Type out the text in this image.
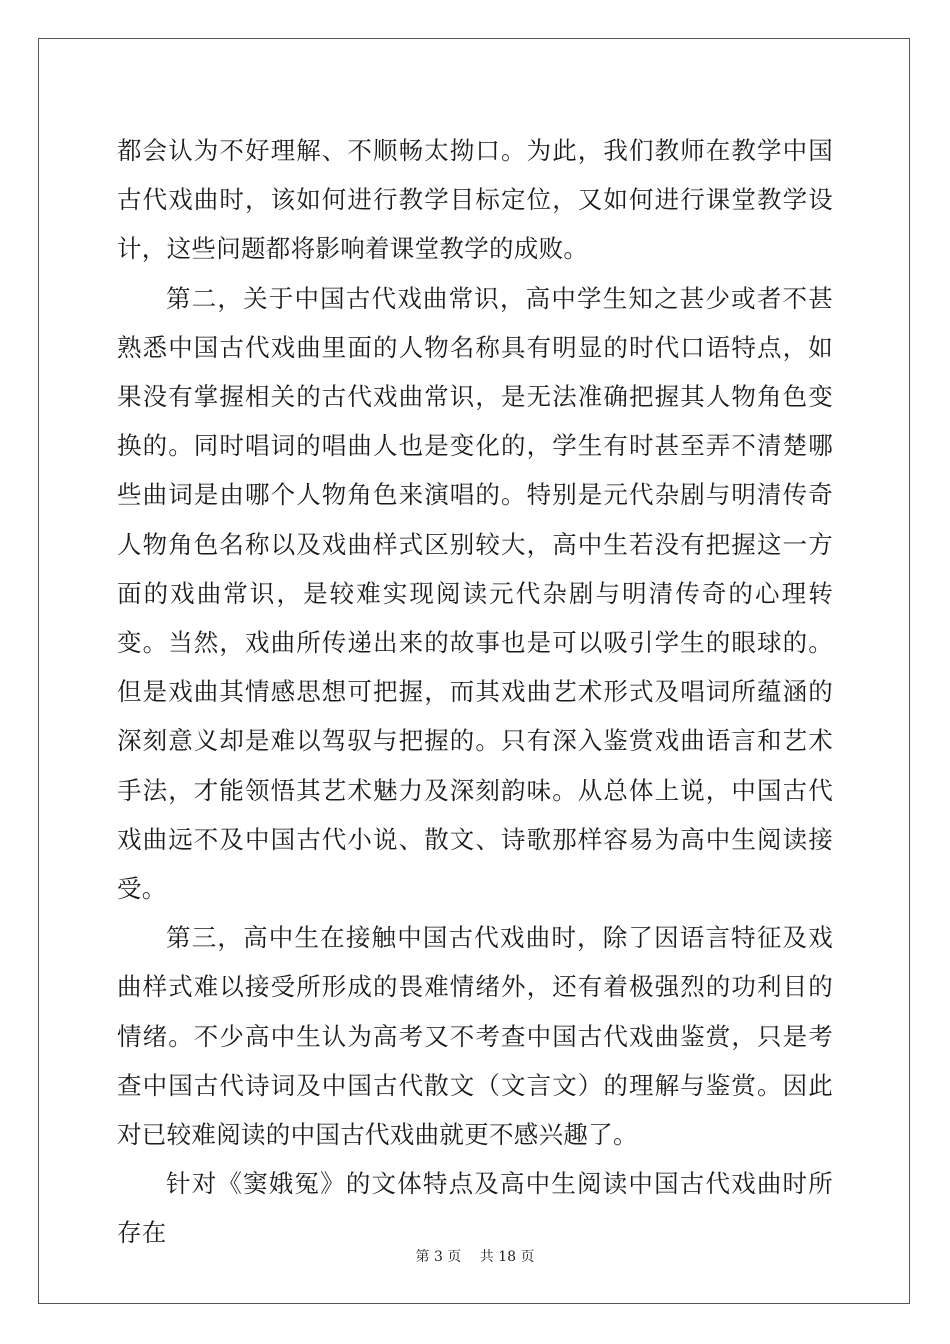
都会认为不好理解、不顺畅太拗口。为此，我们教师在教学中国古代戏曲时，该如何进行教学目标定位，又如何进行课堂教学设计，这些问题都将影响着课堂教学的成败。

第二，关于中国古代戏曲常识，高中学生知之甚少或者不甚熟悉中国古代戏曲里面的人物名称具有明显的时代口语特点，如果没有掌握相关的古代戏曲常识，是无法准确把握其人物角色变换的。同时唱词的唱曲人也是变化的，学生有时甚至弄不清楚哪些曲词是由哪个人物角色来演唱的。特别是元代杂剧与明清传奇人物角色名称以及戏曲样式区别较大，高中生若没有把握这一方面的戏曲常识，是较难实现阅读元代杂剧与明清传奇的心理转变。当然，戏曲所传递出来的故事也是可以吸引学生的眼球的。但是戏曲其情感思想可把握，而其戏曲艺术形式及唱词所蕴涵的深刻意义却是难以驾驭与把握的。只有深入鉴赏戏曲语言和艺术手法，才能领悟其艺术魅力及深刻韵味。从总体上说，中国古代戏曲远不及中国古代小说、散文、诗歌那样容易为高中生阅读接受。

第三，高中生在接触中国古代戏曲时，除了因语言特征及戏曲样式难以接受所形成的畏难情绪外，还有着极强烈的功利目的情绪。不少高中生认为高考又不考查中国古代戏曲鉴赏，只是考查中国古代诗词及中国古代散文（文言文）的理解与鉴赏。因此对已较难阅读的中国古代戏曲就更不感兴趣了。

针对《窦娥冤》的文体特点及高中生阅读中国古代戏曲时所存在

第 3 页　 共 18 页
